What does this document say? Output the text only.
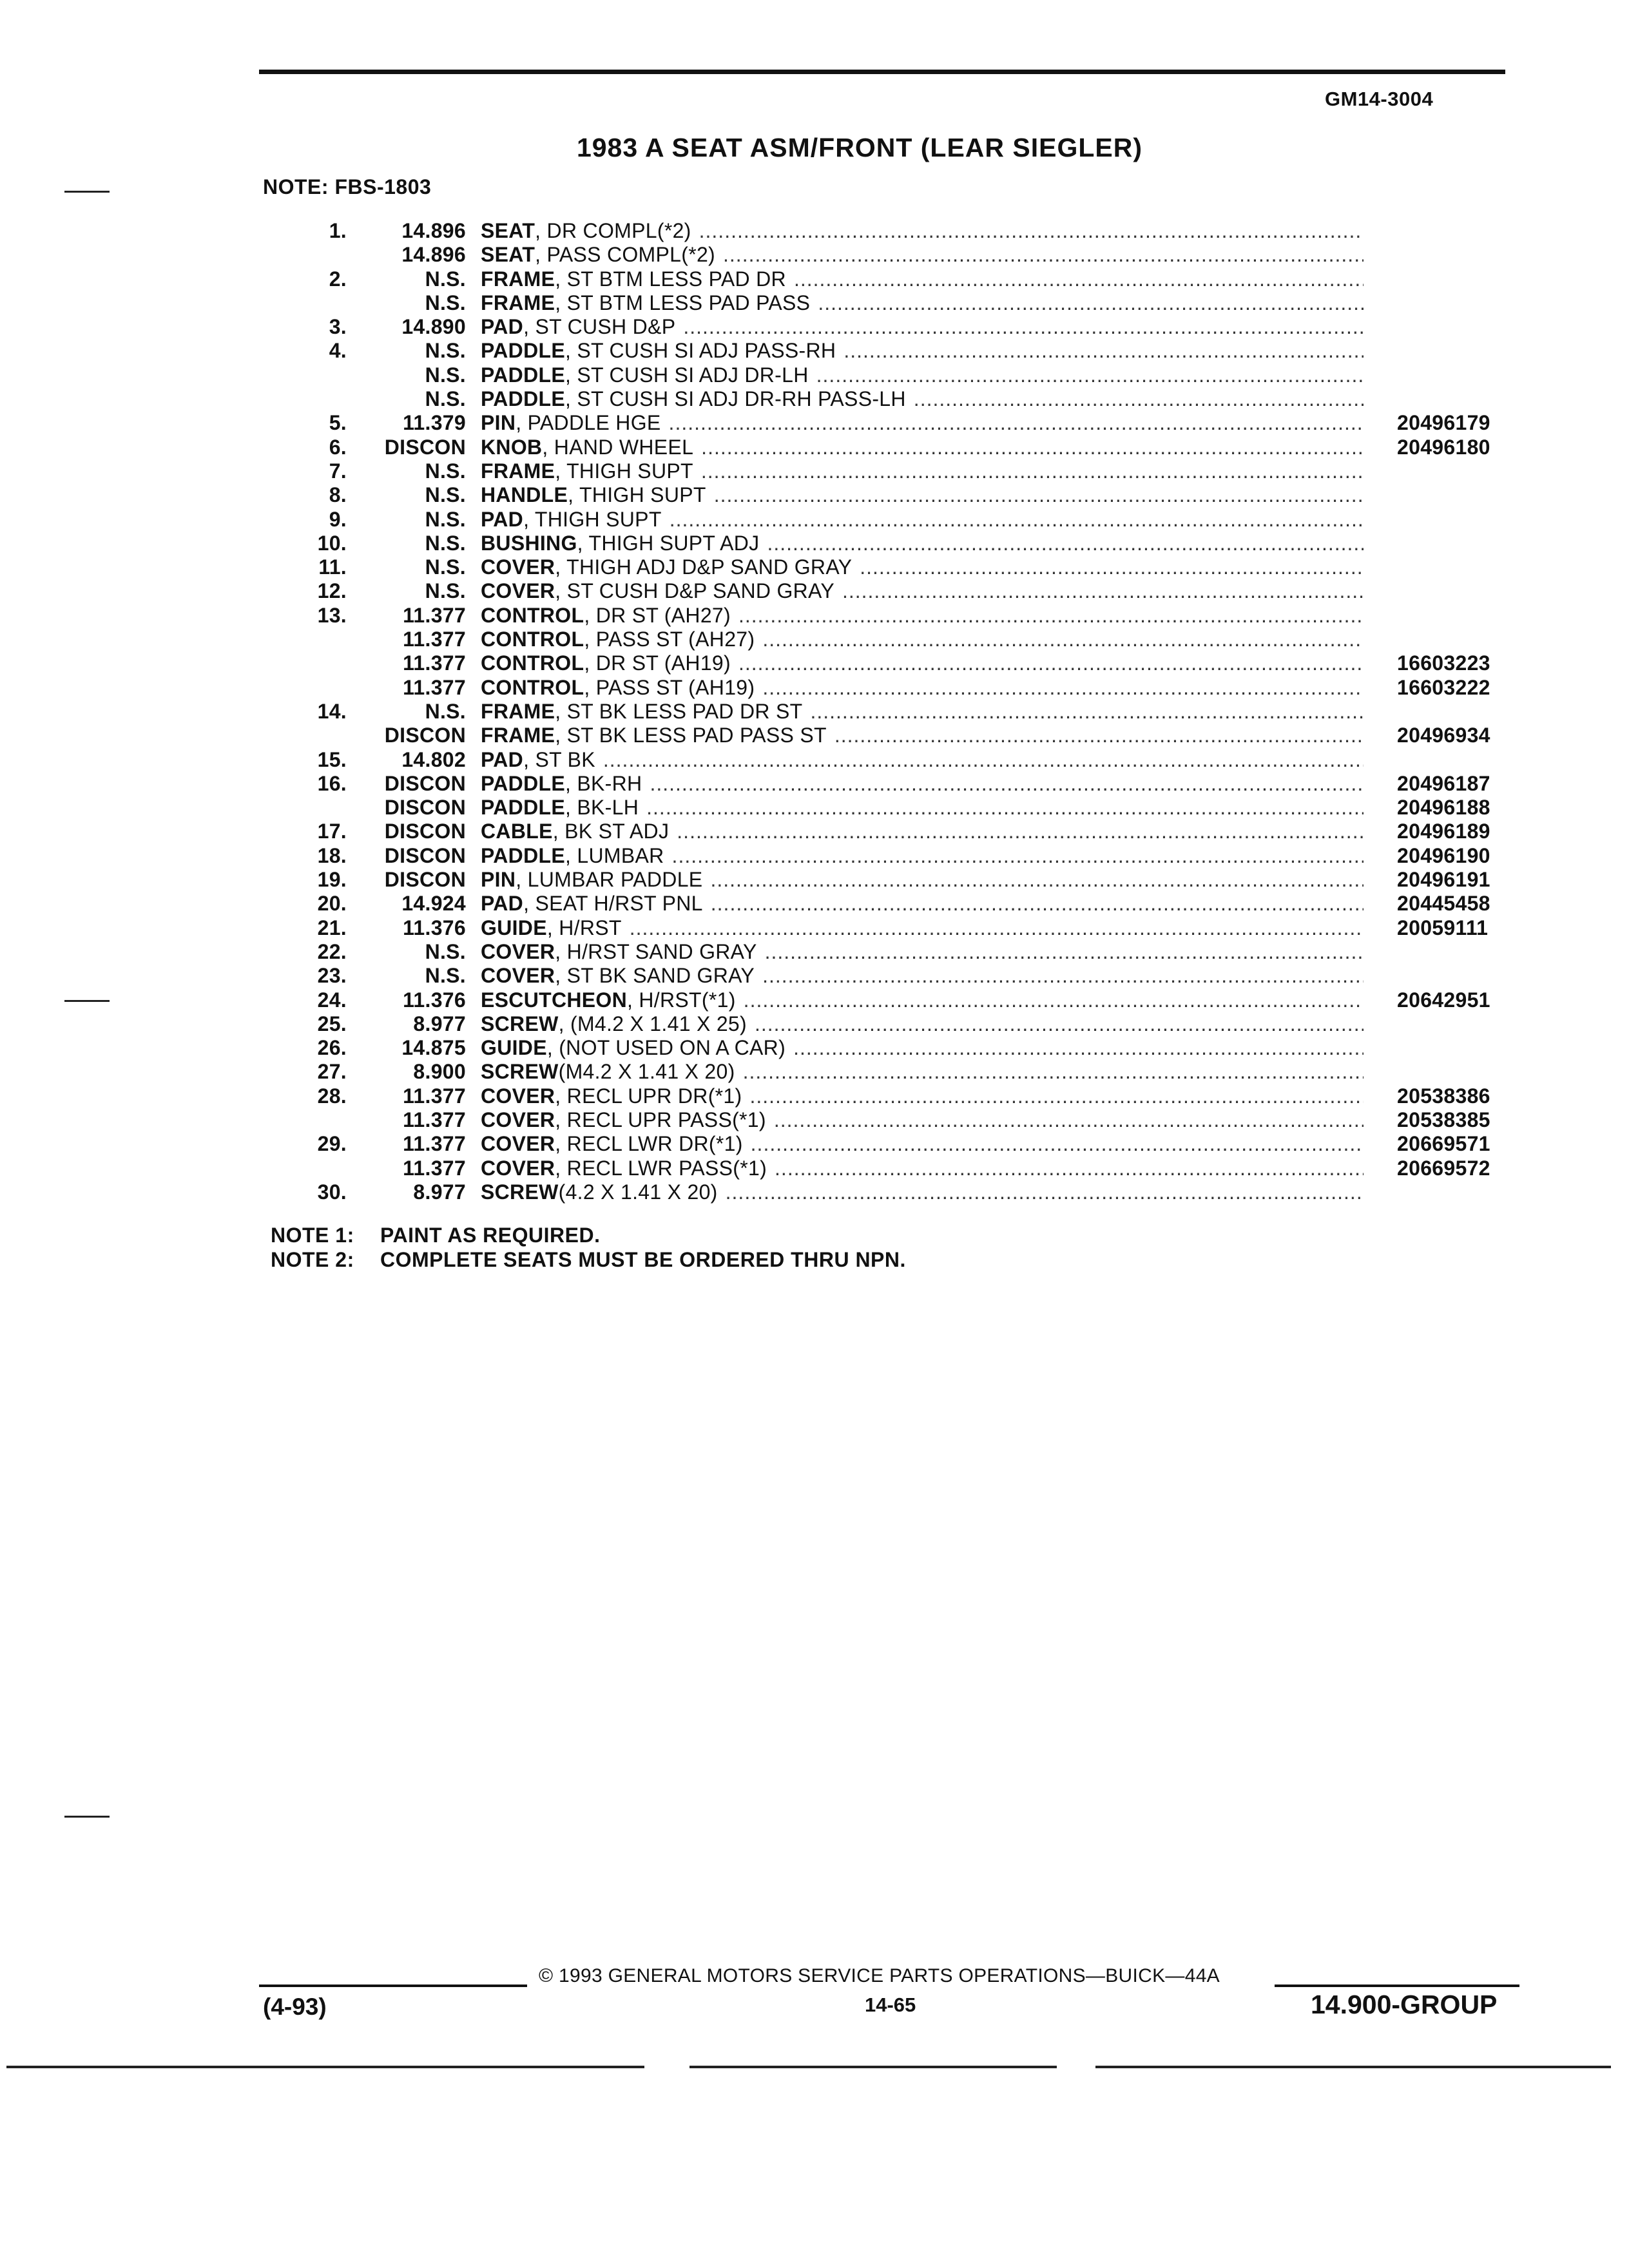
GM14-3004
1983 A SEAT ASM/FRONT (LEAR SIEGLER)
NOTE: FBS-1803
1.	14.896 SEAT , DR COMPL(*2)
.....
14.896 SEAT , PASS COMPL(*2)
.....
2.	N.S. FRAME , ST BTM LESS PAD DR
.....
N.S. FRAME , ST BTM LESS PAD PASS
.....
3.	14.890 PAD , ST CUSH D&P
.....
4.	N.S. PADDLE , ST CUSH SI ADJ PASS-RH
.....
N.S. PADDLE , ST CUSH SI ADJ DR-LH
.....
N.S. PADDLE , ST CUSH SI ADJ DR-RH PASS-LH
.....
5.	11.379 PIN , PADDLE HGE .....	20496179
6. DISCON KNOB , HAND WHEEL .....	20496180
7.	N.S. FRAME , THIGH SUPT
.....
8.	N.S. HANDLE , THIGH SUPT
.....
9.	N.S. PAD , THIGH SUPT
.....
10.	N.S. BUSHING , THIGH SUPT ADJ
.....
11.	N.S. COVER , THIGH ADJ D&P SAND GRAY
.....
12.	N.S. COVER , ST CUSH D&P SAND GRAY
.....
13.	11.377 CONTROL , DR ST (AH27)
.....
11.377 CONTROL , PASS ST (AH27)
.....
11.377 CONTROL , DR ST (AH19) .....	16603223
11.377 CONTROL , PASS ST (AH19) .....	16603222
14.	N.S. FRAME , ST BK LESS PAD DR ST
.....
DISCON FRAME , ST BK LESS PAD PASS ST .....	20496934
15.	14.802 PAD , ST BK
.....
16. DISCON PADDLE , BK-RH .....	20496187
DISCON PADDLE , BK-LH .....	20496188
17. DISCON CABLE , BK ST ADJ .....	20496189
18. DISCON PADDLE , LUMBAR .....	20496190
19. DISCON PIN , LUMBAR PADDLE .....	20496191
20.	14.924 PAD , SEAT H/RST PNL .....	20445458
21.	11.376 GUIDE , H/RST .....	20059111
22.	N.S. COVER , H/RST SAND GRAY
.....
23.	N.S. COVER , ST BK SAND GRAY
.....
24.	11.376 ESCUTCHEON , H/RST(*1) .....	20642951
25.	8.977 SCREW , (M4.2 X 1.41 X 25)
.....
26.	14.875 GUIDE , (NOT USED ON A CAR)
.....
27.	8.900 SCREW (M4.2 X 1.41 X 20)
.....
28.	11.377 COVER , RECL UPR DR(*1) .....	20538386
11.377 COVER , RECL UPR PASS(*1) .....	20538385
29.	11.377 COVER , RECL LWR DR(*1) .....	20669571
11.377 COVER , RECL LWR PASS(*1) .....	20669572
30.	8.977 SCREW (4.2 X 1.41 X 20)
.....
NOTE 1: PAINT AS REQUIRED.
NOTE 2: COMPLETE SEATS MUST BE ORDERED THRU NPN.
© 1993 GENERAL MOTORS SERVICE PARTS OPERATIONS—BUICK—44A
(4-93)	14-65	14.900-GROUP
